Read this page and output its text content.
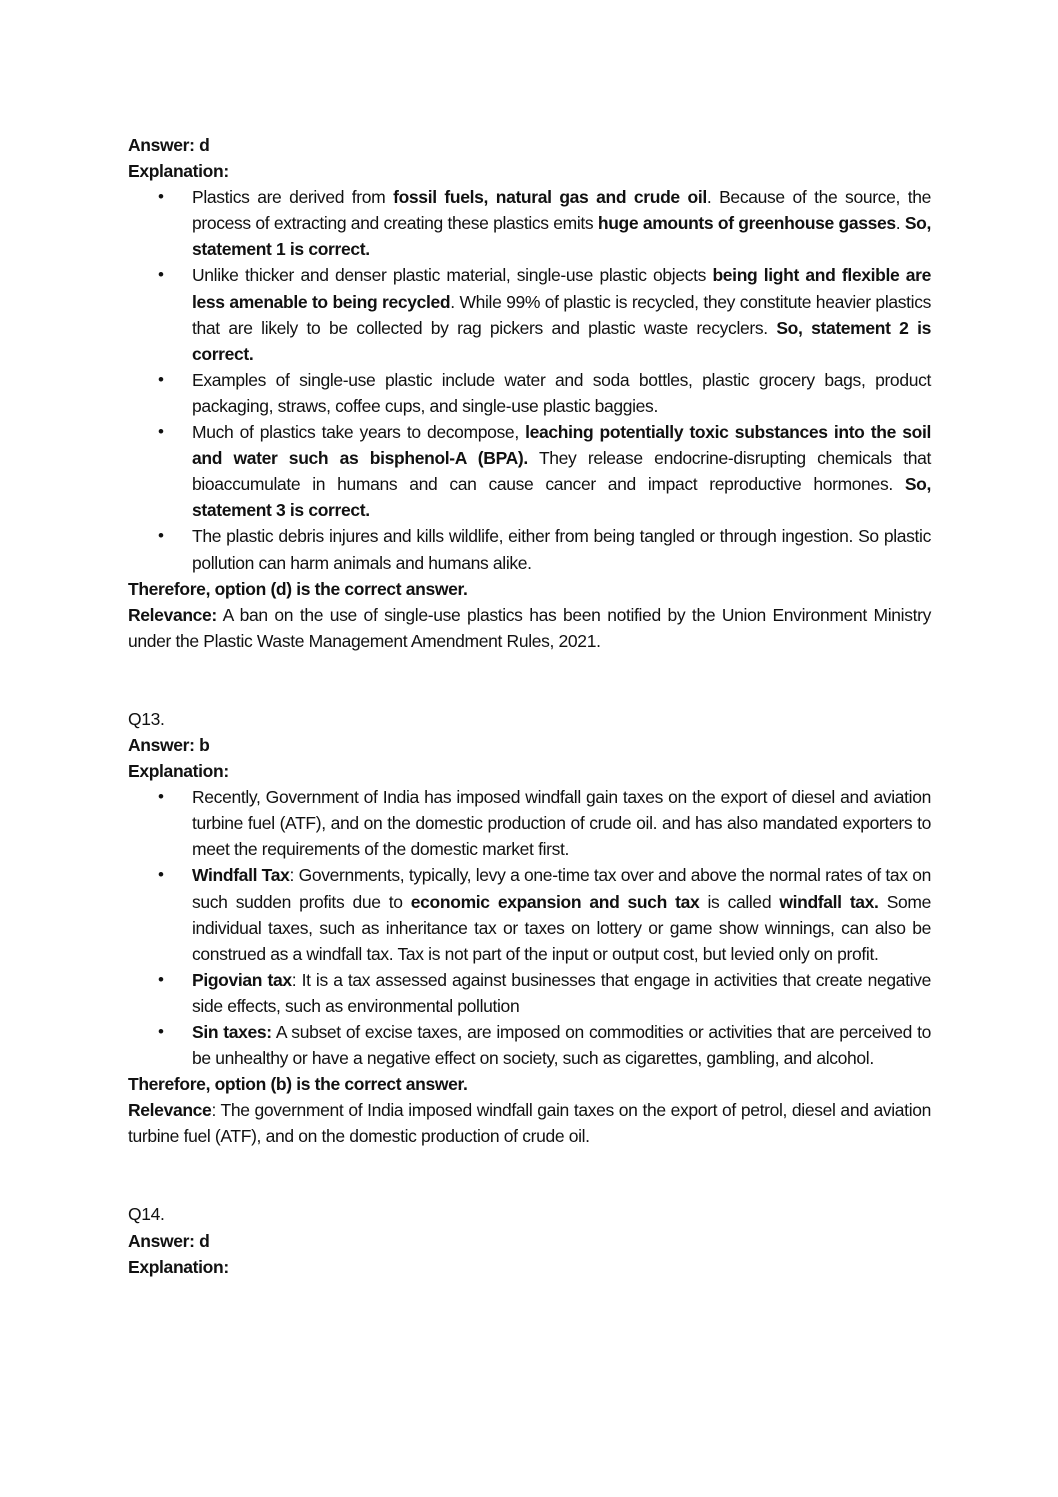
Answer: d

Explanation:

• Plastics are derived from fossil fuels, natural gas and crude oil. Because of the source, the process of extracting and creating these plastics emits huge amounts of greenhouse gasses. So, statement 1 is correct.
• Unlike thicker and denser plastic material, single-use plastic objects being light and flexible are less amenable to being recycled. While 99% of plastic is recycled, they constitute heavier plastics that are likely to be collected by rag pickers and plastic waste recyclers. So, statement 2 is correct.
• Examples of single-use plastic include water and soda bottles, plastic grocery bags, product packaging, straws, coffee cups, and single-use plastic baggies.
• Much of plastics take years to decompose, leaching potentially toxic substances into the soil and water such as bisphenol-A (BPA). They release endocrine-disrupting chemicals that bioaccumulate in humans and can cause cancer and impact reproductive hormones. So, statement 3 is correct.
• The plastic debris injures and kills wildlife, either from being tangled or through ingestion. So plastic pollution can harm animals and humans alike.

Therefore, option (d) is the correct answer.

Relevance: A ban on the use of single-use plastics has been notified by the Union Environment Ministry under the Plastic Waste Management Amendment Rules, 2021.

Q13.

Answer: b

Explanation:

• Recently, Government of India has imposed windfall gain taxes on the export of diesel and aviation turbine fuel (ATF), and on the domestic production of crude oil. and has also mandated exporters to meet the requirements of the domestic market first.
• Windfall Tax: Governments, typically, levy a one-time tax over and above the normal rates of tax on such sudden profits due to economic expansion and such tax is called windfall tax. Some individual taxes, such as inheritance tax or taxes on lottery or game show winnings, can also be construed as a windfall tax. Tax is not part of the input or output cost, but levied only on profit.
• Pigovian tax: It is a tax assessed against businesses that engage in activities that create negative side effects, such as environmental pollution
• Sin taxes: A subset of excise taxes, are imposed on commodities or activities that are perceived to be unhealthy or have a negative effect on society, such as cigarettes, gambling, and alcohol.

Therefore, option (b) is the correct answer.

Relevance: The government of India imposed windfall gain taxes on the export of petrol, diesel and aviation turbine fuel (ATF), and on the domestic production of crude oil.

Q14.

Answer: d

Explanation:
